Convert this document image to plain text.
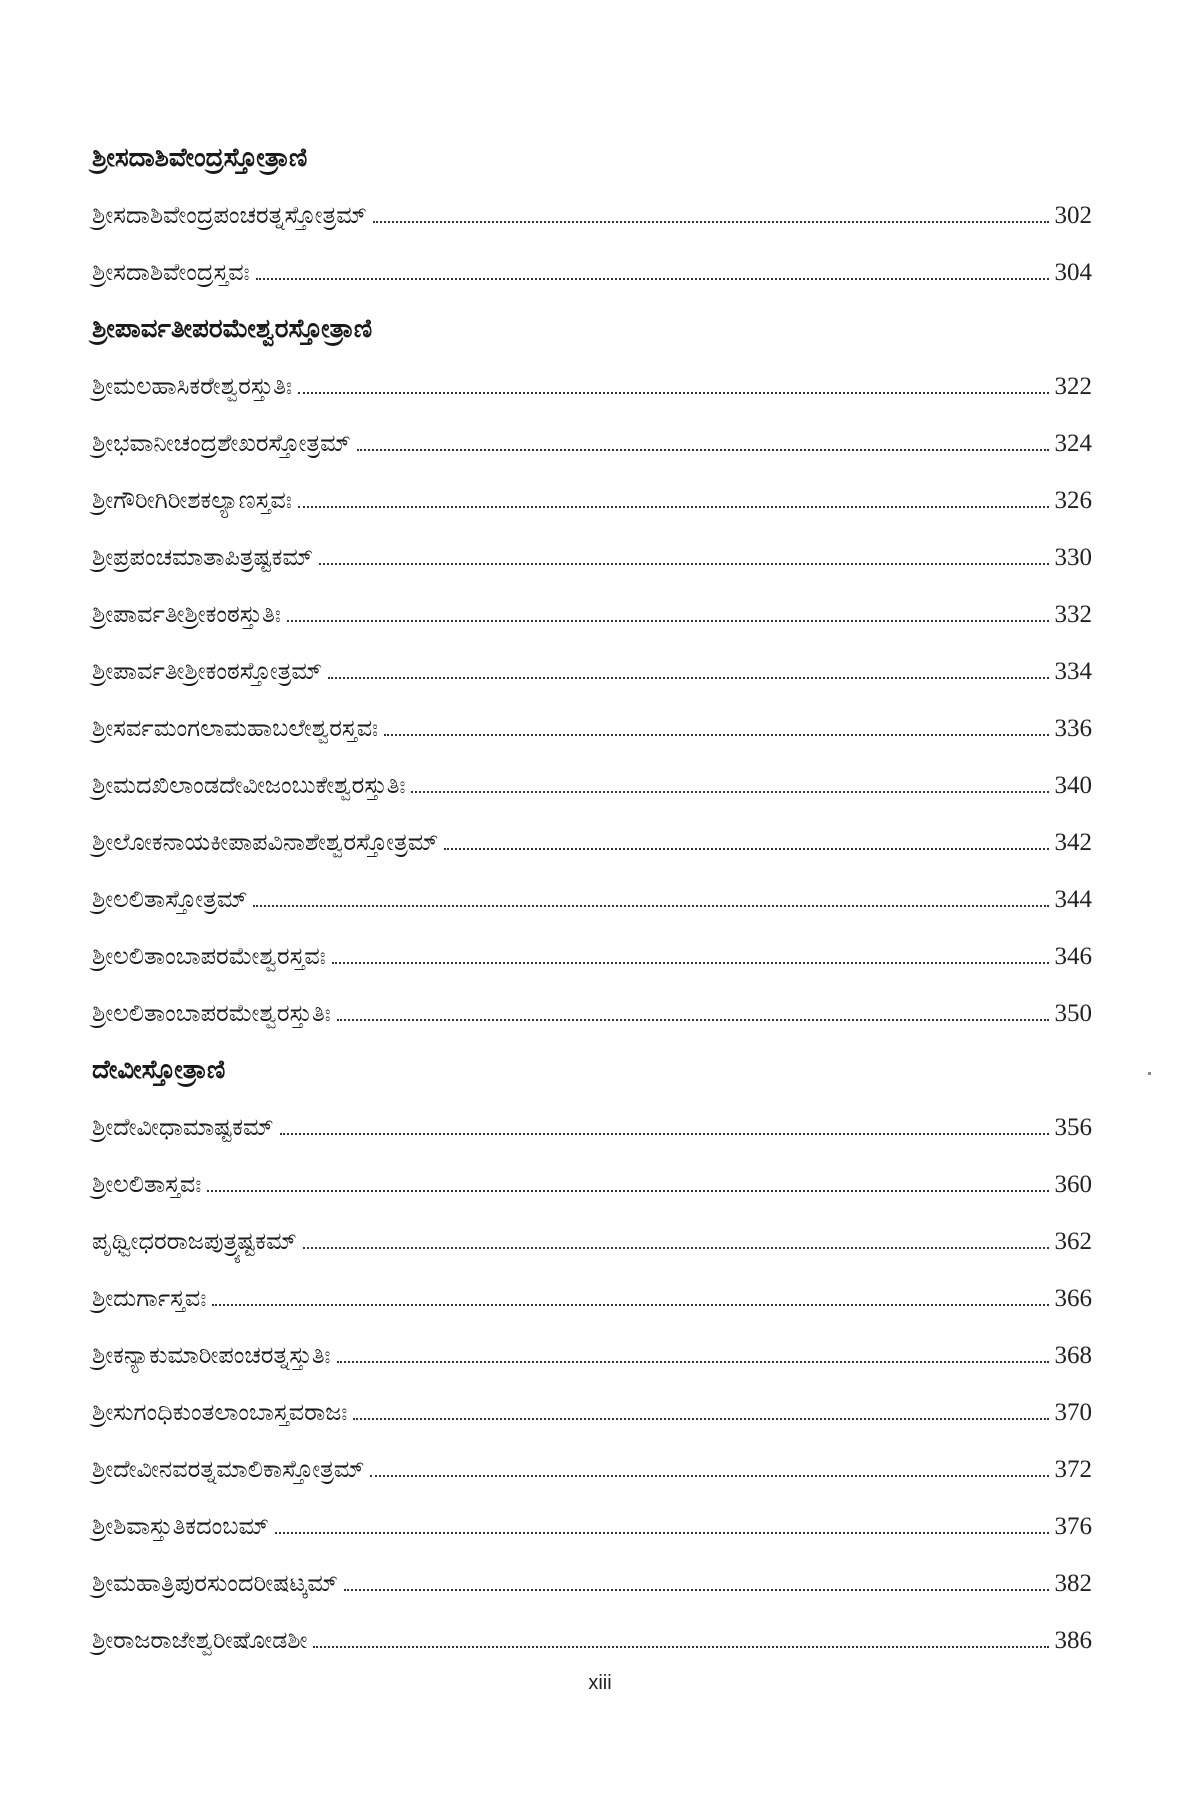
ಶ್ರೀಸದಾಶಿವೇಂದ್ರಸ್ತೋತ್ರಾಣಿ
ಶ್ರೀಸದಾಶಿವೇಂದ್ರಪಂಚರತ್ನಸ್ತೋತ್ರಮ್	302
ಶ್ರೀಸದಾಶಿವೇಂದ್ರಸ್ತವಃ	304
ಶ್ರೀಪಾರ್ವತೀಪರಮೇಶ್ವರಸ್ತೋತ್ರಾಣಿ
ಶ್ರೀಮಲಹಾಸಿಕರೇಶ್ವರಸ್ತುತಿಃ	322
ಶ್ರೀಭವಾನೀಚಂದ್ರಶೇಖರಸ್ತೋತ್ರಮ್	324
ಶ್ರೀಗೌರೀಗಿರೀಶಕಲ್ಯಾಣಸ್ತವಃ	326
ಶ್ರೀಪ್ರಪಂಚಮಾತಾಪಿತ್ರಷ್ಟಕಮ್	330
ಶ್ರೀಪಾರ್ವತೀಶ್ರೀಕಂಠಸ್ತುತಿಃ	332
ಶ್ರೀಪಾರ್ವತೀಶ್ರೀಕಂಠಸ್ತೋತ್ರಮ್	334
ಶ್ರೀಸರ್ವಮಂಗಲಾಮಹಾಬಲೇಶ್ವರಸ್ತವಃ	336
ಶ್ರೀಮದಖಿಲಾಂಡದೇವೀಜಂಬುಕೇಶ್ವರಸ್ತುತಿಃ	340
ಶ್ರೀಲೋಕನಾಯಕೀಪಾಪವಿನಾಶೇಶ್ವರಸ್ತೋತ್ರಮ್	342
ಶ್ರೀಲಲಿತಾಸ್ತೋತ್ರಮ್	344
ಶ್ರೀಲಲಿತಾಂಬಾಪರಮೇಶ್ವರಸ್ತವಃ	346
ಶ್ರೀಲಲಿತಾಂಬಾಪರಮೇಶ್ವರಸ್ತುತಿಃ	350
ದೇವೀಸ್ತೋತ್ರಾಣಿ
ಶ್ರೀದೇವೀಧಾಮಾಷ್ಟಕಮ್	356
ಶ್ರೀಲಲಿತಾಸ್ತವಃ	360
ಪೃಥ್ವೀಧರರಾಜಪುತ್ರ್ಯಷ್ಟಕಮ್	362
ಶ್ರೀದುರ್ಗಾಸ್ತವಃ	366
ಶ್ರೀಕನ್ಯಾಕುಮಾರೀಪಂಚರತ್ನಸ್ತುತಿಃ	368
ಶ್ರೀಸುಗಂಧಿಕುಂತಲಾಂಬಾಸ್ತವರಾಜಃ	370
ಶ್ರೀದೇವೀನವರತ್ನಮಾಲಿಕಾಸ್ತೋತ್ರಮ್	372
ಶ್ರೀಶಿವಾಸ್ತುತಿಕದಂಬಮ್	376
ಶ್ರೀಮಹಾತ್ರಿಪುರಸುಂದರೀಷಟ್ಕಮ್	382
ಶ್ರೀರಾಜರಾಜೇಶ್ವರೀಷೋಡಶೀ	386
xiii
